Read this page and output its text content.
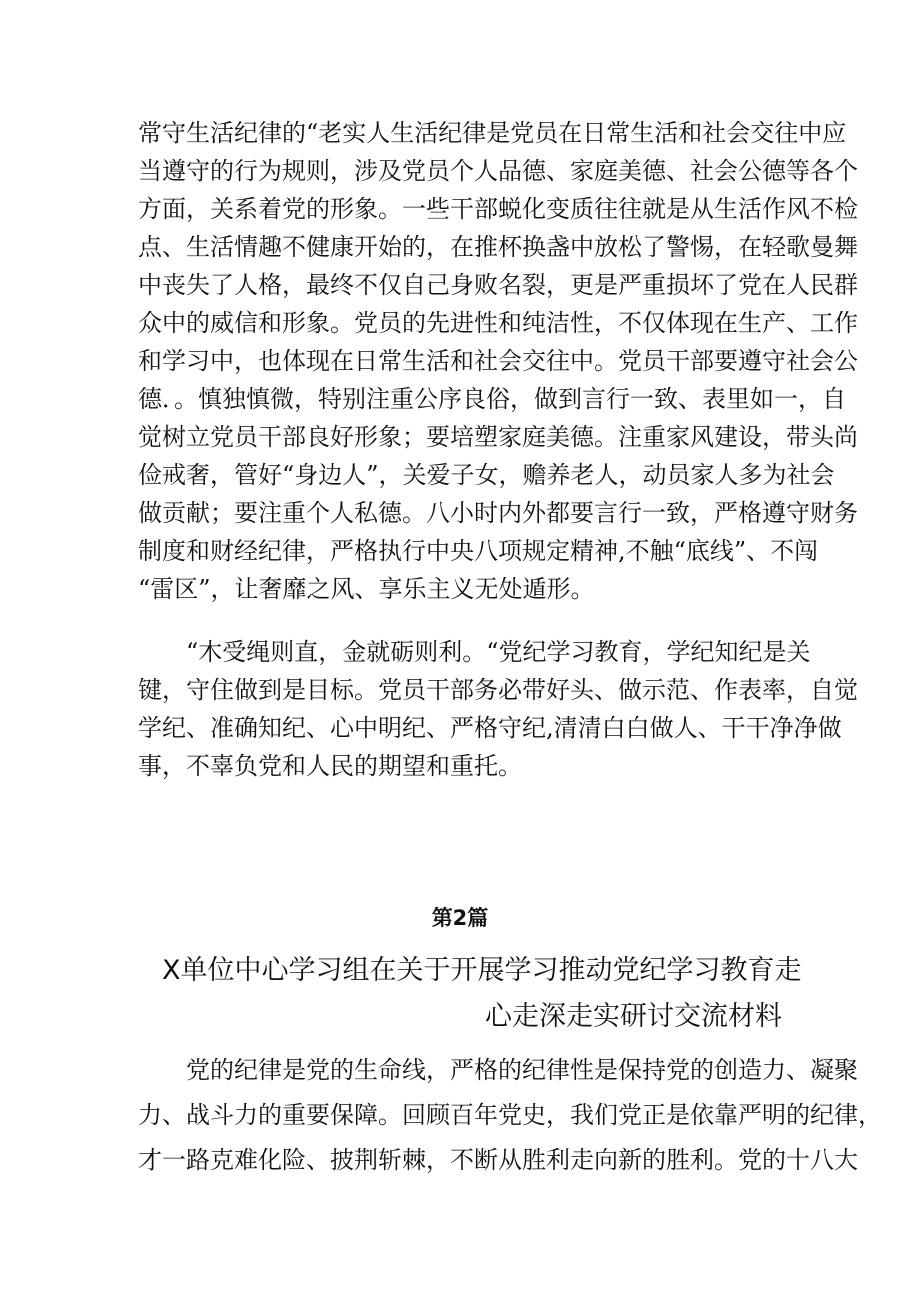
常守生活纪律的“老实人生活纪律是党员在日常生活和社会交往中应
当遵守的行为规则，涉及党员个人品德、家庭美德、社会公德等各个
方面，关系着党的形象。一些干部蜕化变质往往就是从生活作风不检
点、生活情趣不健康开始的，在推杯换盏中放松了警惕，在轻歌曼舞
中丧失了人格，最终不仅自己身败名裂，更是严重损坏了党在人民群
众中的威信和形象。党员的先进性和纯洁性，不仅体现在生产、工作
和学习中，也体现在日常生活和社会交往中。党员干部要遵守社会公
德．。慎独慎微，特别注重公序良俗，做到言行一致、表里如一，自
觉树立党员干部良好形象；要培塑家庭美德。注重家风建设，带头尚
俭戒奢，管好“身边人”，关爱子女，赡养老人，动员家人多为社会
做贡献；要注重个人私德。八小时内外都要言行一致，严格遵守财务
制度和财经纪律，严格执行中央八项规定精神,不触“底线”、不闯
“雷区”，让奢靡之风、享乐主义无处遁形。
“木受绳则直，金就砺则利。“党纪学习教育，学纪知纪是关
键，守住做到是目标。党员干部务必带好头、做示范、作表率，自觉
学纪、准确知纪、心中明纪、严格守纪,清清白白做人、干干净净做
事，不辜负党和人民的期望和重托。
第2篇
X单位中心学习组在关于开展学习推动党纪学习教育走
心走深走实研讨交流材料
党的纪律是党的生命线，严格的纪律性是保持党的创造力、凝聚
力、战斗力的重要保障。回顾百年党史，我们党正是依靠严明的纪律，
才一路克难化险、披荆斩棘，不断从胜利走向新的胜利。党的十八大
